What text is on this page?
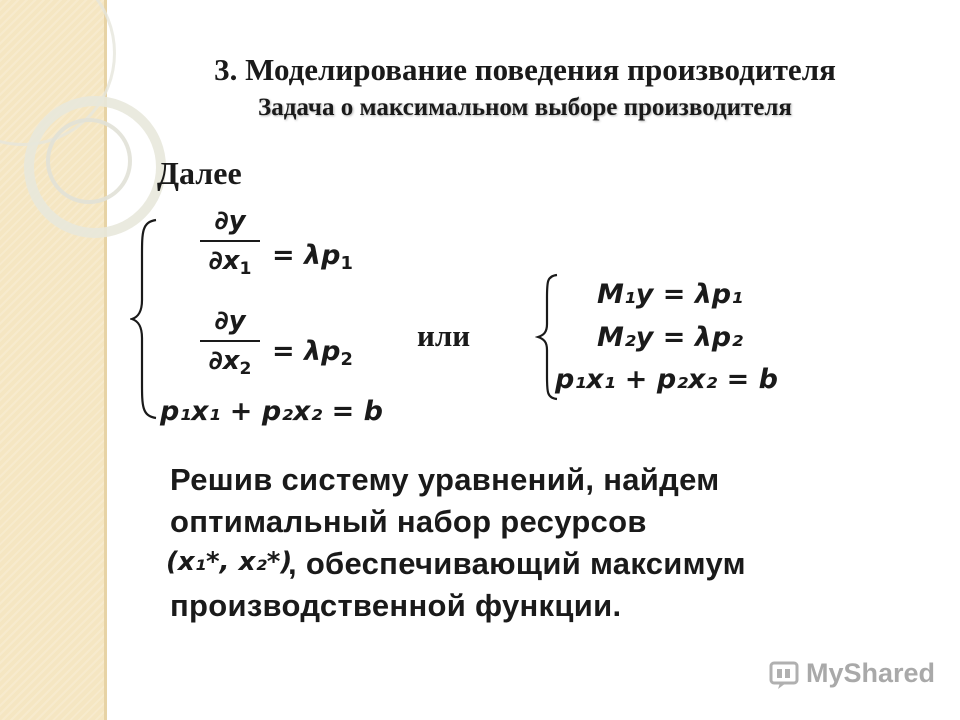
3. Моделирование поведения производителя
Задача о максимальном выборе производителя
Далее
∂y
$\partial x_1 = \lambda p_1$
∂y
$\partial x_2$
= $\lambda p_2$
p₁x₁ + p₂x₂ = b
или
M₁y = λp₁
M₂y = λp₂
p₁x₁ + p₂x₂ = b
Решив систему уравнений, найдем
оптимальный набор ресурсов
(x₁*, x₂*)
, обеспечивающий максимум
производственной функции.
MyShared
